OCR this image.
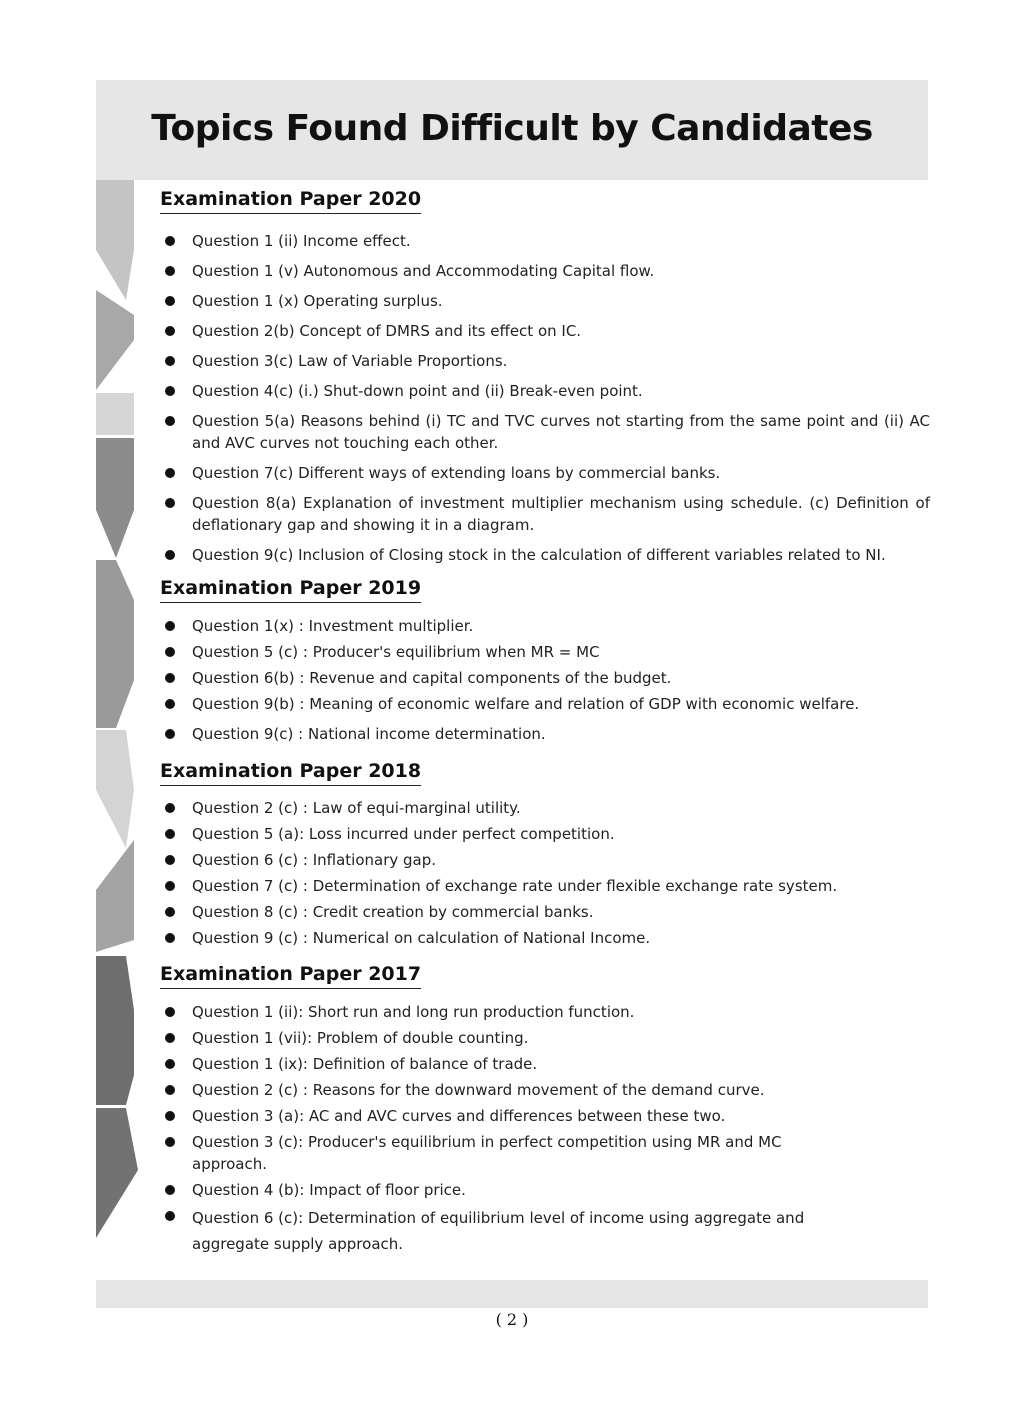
Topics Found Difficult by Candidates
Examination Paper 2020
Question 1 (ii) Income effect.
Question 1 (v) Autonomous and Accommodating Capital flow.
Question 1 (x) Operating surplus.
Question 2(b) Concept of DMRS and its effect on IC.
Question 3(c) Law of Variable Proportions.
Question 4(c) (i.) Shut-down point and (ii) Break-even point.
Question 5(a) Reasons behind (i) TC and TVC curves not starting from the same point and (ii) AC and AVC curves not touching each other.
Question 7(c) Different ways of extending loans by commercial banks.
Question 8(a) Explanation of investment multiplier mechanism using schedule. (c) Definition of deflationary gap and showing it in a diagram.
Question 9(c) Inclusion of Closing stock in the calculation of different variables related to NI.
Examination Paper 2019
Question 1(x) : Investment multiplier.
Question 5 (c) : Producer's equilibrium when MR = MC
Question 6(b) : Revenue and capital components of the budget.
Question 9(b) : Meaning of economic welfare and relation of GDP with economic welfare.
Question 9(c) : National income determination.
Examination Paper 2018
Question 2 (c) : Law of equi-marginal utility.
Question 5 (a): Loss incurred under perfect competition.
Question 6 (c) : Inflationary gap.
Question 7 (c) : Determination of exchange rate under flexible exchange rate system.
Question 8 (c) : Credit creation by commercial banks.
Question 9 (c) : Numerical on calculation of National Income.
Examination Paper 2017
Question 1 (ii): Short run and long run production function.
Question 1 (vii): Problem of double counting.
Question 1 (ix): Definition of balance of trade.
Question 2 (c) : Reasons for the downward movement of the demand curve.
Question 3 (a): AC and AVC curves and differences between these two.
Question 3 (c): Producer's equilibrium in perfect competition using MR and MC approach.
Question 4 (b): Impact of floor price.
Question 6 (c): Determination of equilibrium level of income using aggregate and aggregate supply approach.
( 2 )
